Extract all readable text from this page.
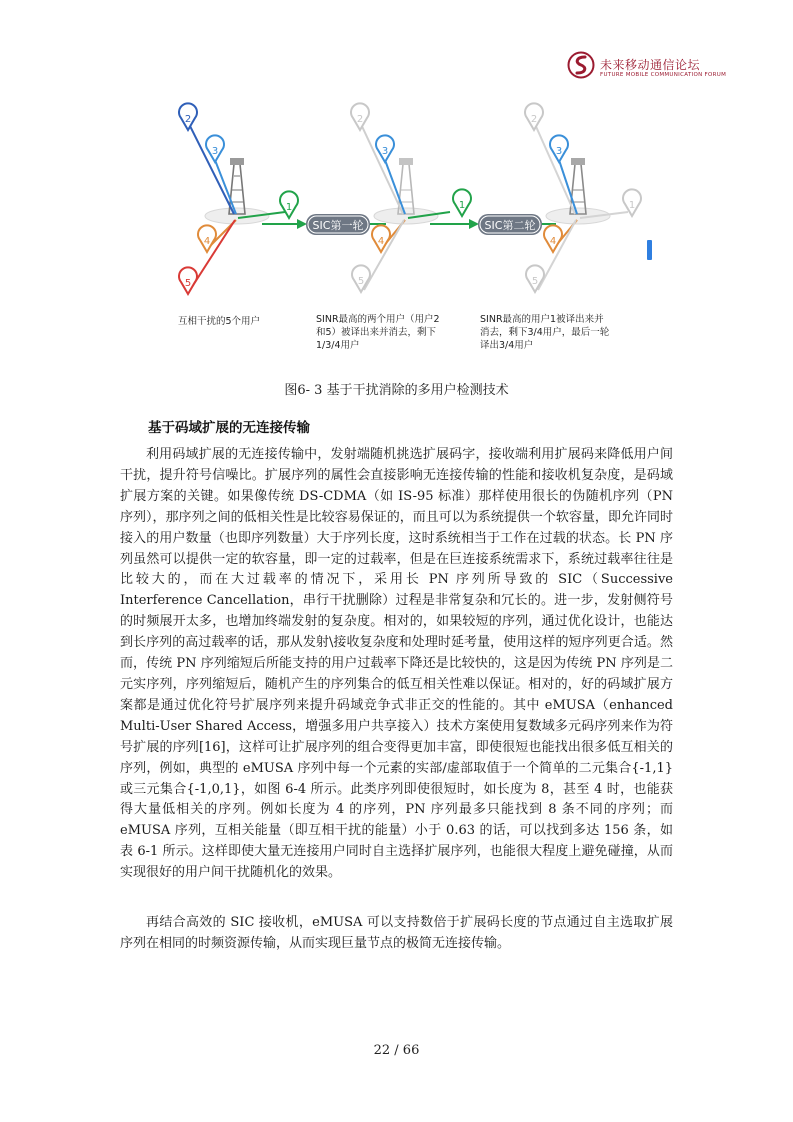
未来移动通信论坛
FUTURE MOBILE COMMUNICATION FORUM
2
3
1
4
5
SIC第一轮
2
3
1
4
5
SIC第二轮
2
3
1
4
5
互相干扰的5个用户	SINR最高的两个用户（用户2
和5）被译出来并消去，剩下
1/3/4用户
SINR最高的用户1被译出来并
消去，剩下3/4用户，最后一轮
译出3/4用户
图6- 3 基于干扰消除的多用户检测技术
基于码域扩展的无连接传输

利用码域扩展的无连接传输中，发射端随机挑选扩展码字，接收端利用扩展码来降低用户间干扰，提升符号信噪比。扩展序列的属性会直接影响无连接传输的性能和接收机复杂度，是码域扩展方案的关键。如果像传统 DS-CDMA（如 IS-95 标准）那样使用很长的伪随机序列（PN 序列），那序列之间的低相关性是比较容易保证的，而且可以为系统提供一个软容量，即允许同时接入的用户数量（也即序列数量）大于序列长度，这时系统相当于工作在过载的状态。长 PN 序列虽然可以提供一定的软容量，即一定的过载率，但是在巨连接系统需求下，系统过载率往往是比较大的，而在大过载率的情况下，采用长 PN 序列所导致的 SIC（Successive Interference Cancellation，串行干扰删除）过程是非常复杂和冗长的。进一步，发射侧符号的时频展开太多，也增加终端发射的复杂度。相对的，如果较短的序列，通过优化设计，也能达到长序列的高过载率的话，那从发射\接收复杂度和处理时延考量，使用这样的短序列更合适。然而，传统 PN 序列缩短后所能支持的用户过载率下降还是比较快的，这是因为传统 PN 序列是二元实序列，序列缩短后，随机产生的序列集合的低互相关性难以保证。相对的，好的码域扩展方案都是通过优化符号扩展序列来提升码域竞争式非正交的性能的。其中 eMUSA（enhanced Multi-User Shared Access，增强多用户共享接入）技术方案使用复数域多元码序列来作为符号扩展的序列[16]，这样可让扩展序列的组合变得更加丰富，即使很短也能找出很多低互相关的序列，例如，典型的 eMUSA 序列中每一个元素的实部/虚部取值于一个简单的二元集合{-1,1}或三元集合{-1,0,1}，如图 6-4 所示。此类序列即使很短时，如长度为 8，甚至 4 时，也能获得大量低相关的序列。例如长度为 4 的序列，PN 序列最多只能找到 8 条不同的序列；而 eMUSA 序列，互相关能量（即互相干扰的能量）小于 0.63 的话，可以找到多达 156 条，如表 6-1 所示。这样即使大量无连接用户同时自主选择扩展序列，也能很大程度上避免碰撞，从而实现很好的用户间干扰随机化的效果。

再结合高效的 SIC 接收机，eMUSA 可以支持数倍于扩展码长度的节点通过自主选取扩展序列在相同的时频资源传输，从而实现巨量节点的极简无连接传输。

22 / 66
